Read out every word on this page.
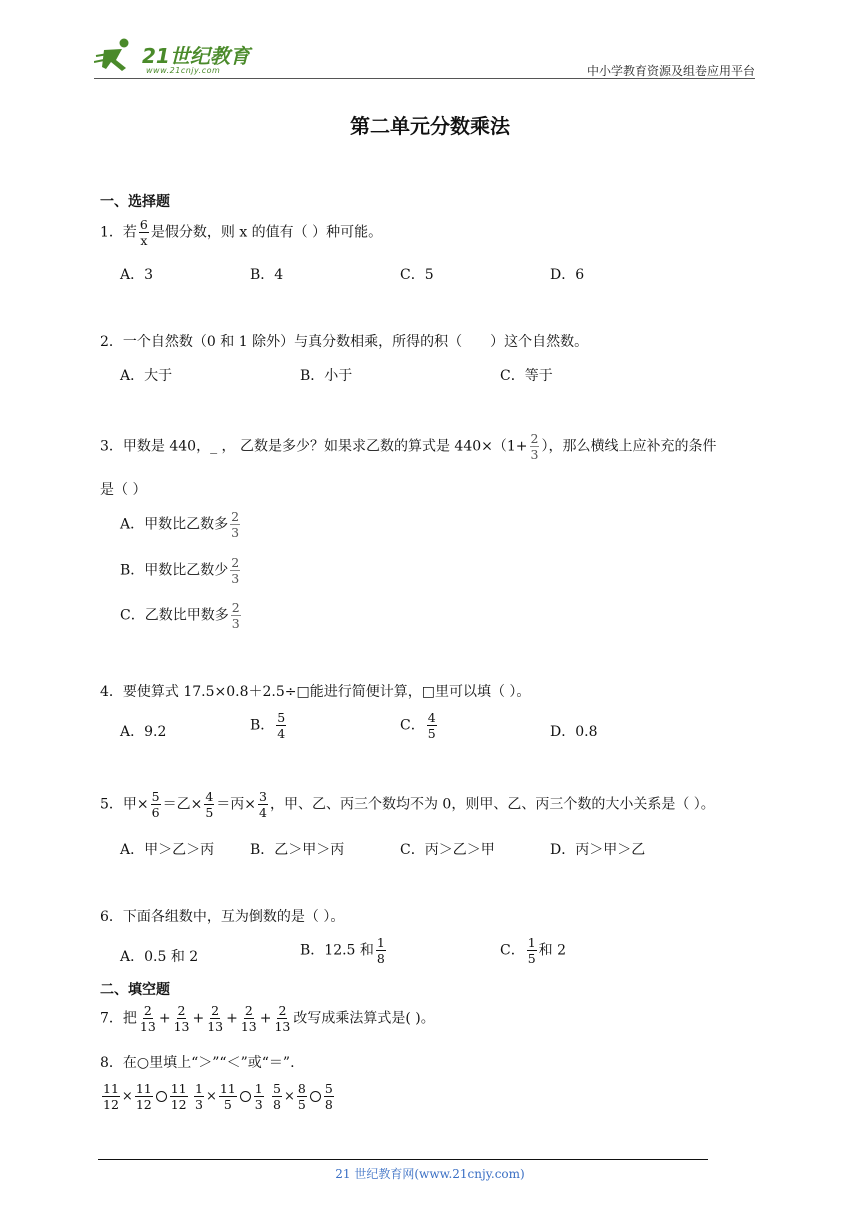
21世纪教育
www.21cnjy.com	中小学教育资源及组卷应用平台
第二单元分数乘法
一、选择题
1．若 $\frac{6}{x}$ 是假分数，则 x 的值有（ ）种可能。
A．3	B．4	C．5	D．6
2．一个自然数（0 和 1 除外）与真分数相乘，所得的积（　　）这个自然数。
A．大于	B．小于	C．等于
3．甲数是 440，_ ， 乙数是多少？如果求乙数的算式是 $440\times(1+ \frac{2}{3}$ ），那么横线上应补充的条件
是（ ）
A．甲数比乙数多 $\frac{2}{3}$
B．甲数比乙数少 $\frac{2}{3}$
C．乙数比甲数多 $\frac{2}{3}$
4．要使算式 17.5×0.8＋2.5÷□能进行简便计算，□里可以填（ ）。
A．9.2	B． $\frac{5}{4}$	C． $\frac{4}{5}$	D．0.8
5．甲× $\frac{5}{6}$ ＝乙× $\frac{4}{5}$ ＝丙× $\frac{3}{4}$ ，甲、乙、丙三个数均不为 0，则甲、乙、丙三个数的大小关系是（ ）。
A．甲＞乙＞丙	B．乙＞甲＞丙	C．丙＞乙＞甲	D．丙＞甲＞乙
6．下面各组数中，互为倒数的是（ ）。
A．0.5 和 2	B．12.5 和 $\frac{1}{8}$	C． $\frac{1}{5}$ 和 2
二、填空题
7．把 $\frac{2}{13} + \frac{2}{13} + \frac{2}{13} + \frac{2}{13} + \frac{2}{13}$ 改写成乘法算式是( )。
8．在○里填上“＞”“＜”或“＝”.
$\frac{11}{12} \times \frac{11}{12} \frac{11}{12} \frac{1}{3} \times \frac{11}{5} \frac{1}{3} \frac{5}{8} \times \frac{8}{5} \frac{5}{8}$
21 世纪教育网(www.21cnjy.com)
